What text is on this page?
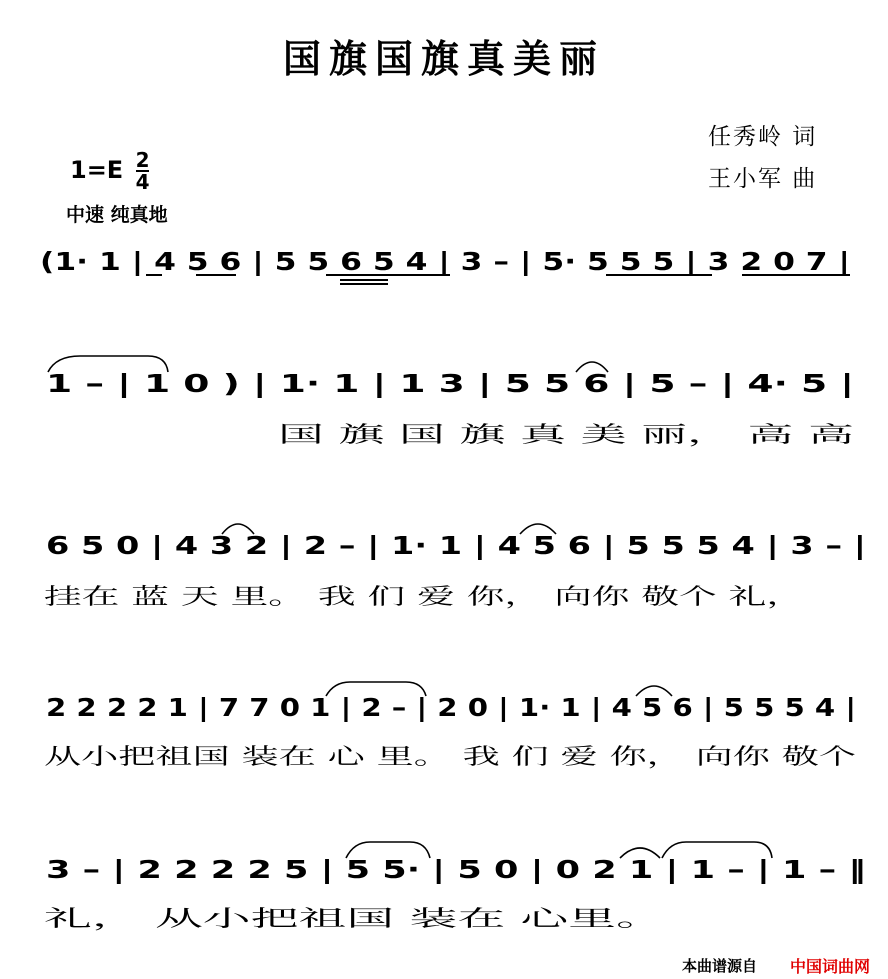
国旗国旗真美丽
任秀岭 词
王小军 曲
$1=E \frac{2}{4}$
中速 纯真地
(1· 1 | 4 5 6 | 5 5 6 5 4 | 3 – | 5· 5 5 5 | 3 2 0 7 |
1 – | 1 0 ) | 1· 1 | 1 3 | 5 5 6 | 5 – | 4· 5 |
国 旗 国 旗 真 美 丽， 高 高
6 5 0 | 4 3 2 | 2 – | 1· 1 | 4 5 6 | 5 5 5 4 | 3 – |
挂在 蓝 天 里。 我 们 爱 你， 向你 敬个 礼，
2 2 2 2 1 | 7 7 0 1 | 2 – | 2 0 | 1· 1 | 4 5 6 | 5 5 5 4 |
从小把祖国 装在 心 里。 我 们 爱 你， 向你 敬个
3 – | 2 2 2 2 5 | 5 5· | 5 0 | 0 2 1 | 1 – | 1 – ‖
礼， 从小把祖国 装在 心里。
本曲谱源自 中国词曲网
